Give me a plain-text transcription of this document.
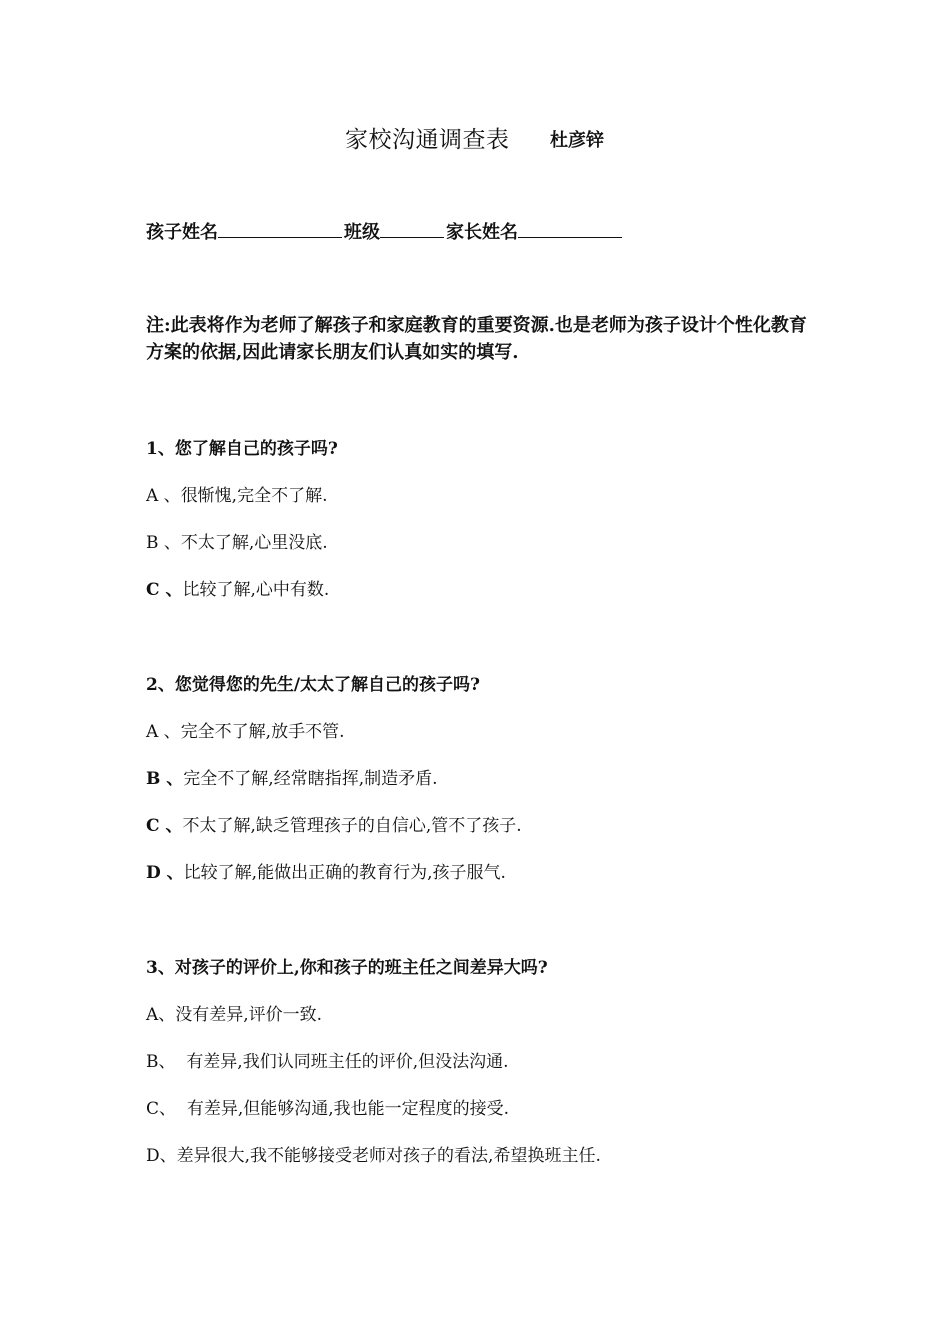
家校沟通调查表 杜彦锌
孩子姓名	班级	家长姓名
注:此表将作为老师了解孩子和家庭教育的重要资源.也是老师为孩子设计个性化教育方案的依据,因此请家长朋友们认真如实的填写.
1、您了解自己的孩子吗?
A 、很惭愧,完全不了解.
B 、不太了解,心里没底.
C 、比较了解,心中有数.
2、您觉得您的先生/太太了解自己的孩子吗?
A 、完全不了解,放手不管.
B 、完全不了解,经常瞎指挥,制造矛盾.
C 、不太了解,缺乏管理孩子的自信心,管不了孩子.
D 、比较了解,能做出正确的教育行为,孩子服气.
3、对孩子的评价上,你和孩子的班主任之间差异大吗?
A、没有差异,评价一致.
B、  有差异,我们认同班主任的评价,但没法沟通.
C、  有差异,但能够沟通,我也能一定程度的接受.
D、差异很大,我不能够接受老师对孩子的看法,希望换班主任.
